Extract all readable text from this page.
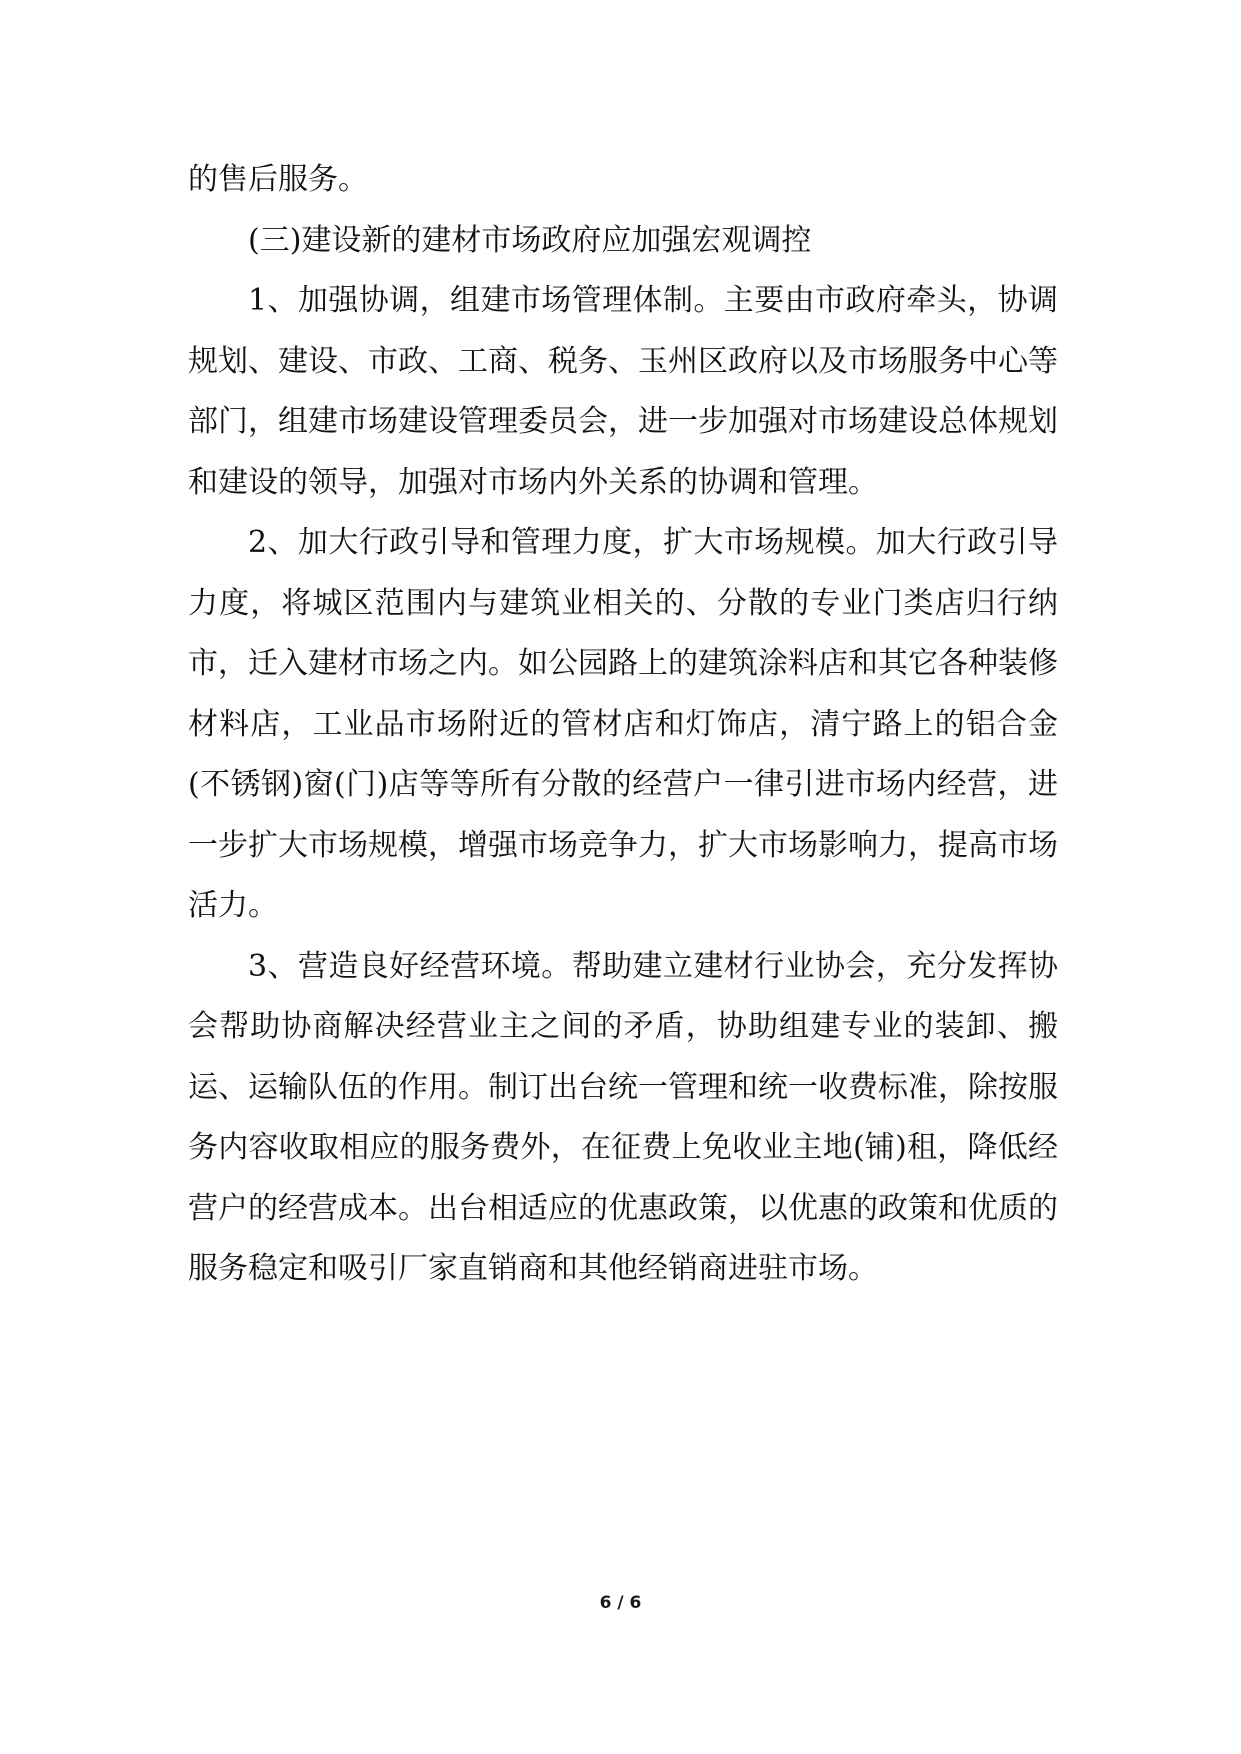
的售后服务。

(三)建设新的建材市场政府应加强宏观调控

1、加强协调，组建市场管理体制。主要由市政府牵头，协调规划、建设、市政、工商、税务、玉州区政府以及市场服务中心等部门，组建市场建设管理委员会，进一步加强对市场建设总体规划和建设的领导，加强对市场内外关系的协调和管理。

2、加大行政引导和管理力度，扩大市场规模。加大行政引导力度，将城区范围内与建筑业相关的、分散的专业门类店归行纳市，迁入建材市场之内。如公园路上的建筑涂料店和其它各种装修材料店，工业品市场附近的管材店和灯饰店，清宁路上的铝合金(不锈钢)窗(门)店等等所有分散的经营户一律引进市场内经营，进一步扩大市场规模，增强市场竞争力，扩大市场影响力，提高市场活力。

3、营造良好经营环境。帮助建立建材行业协会，充分发挥协会帮助协商解决经营业主之间的矛盾，协助组建专业的装卸、搬运、运输队伍的作用。制订出台统一管理和统一收费标准，除按服务内容收取相应的服务费外，在征费上免收业主地(铺)租，降低经营户的经营成本。出台相适应的优惠政策，以优惠的政策和优质的服务稳定和吸引厂家直销商和其他经销商进驻市场。

6 / 6
